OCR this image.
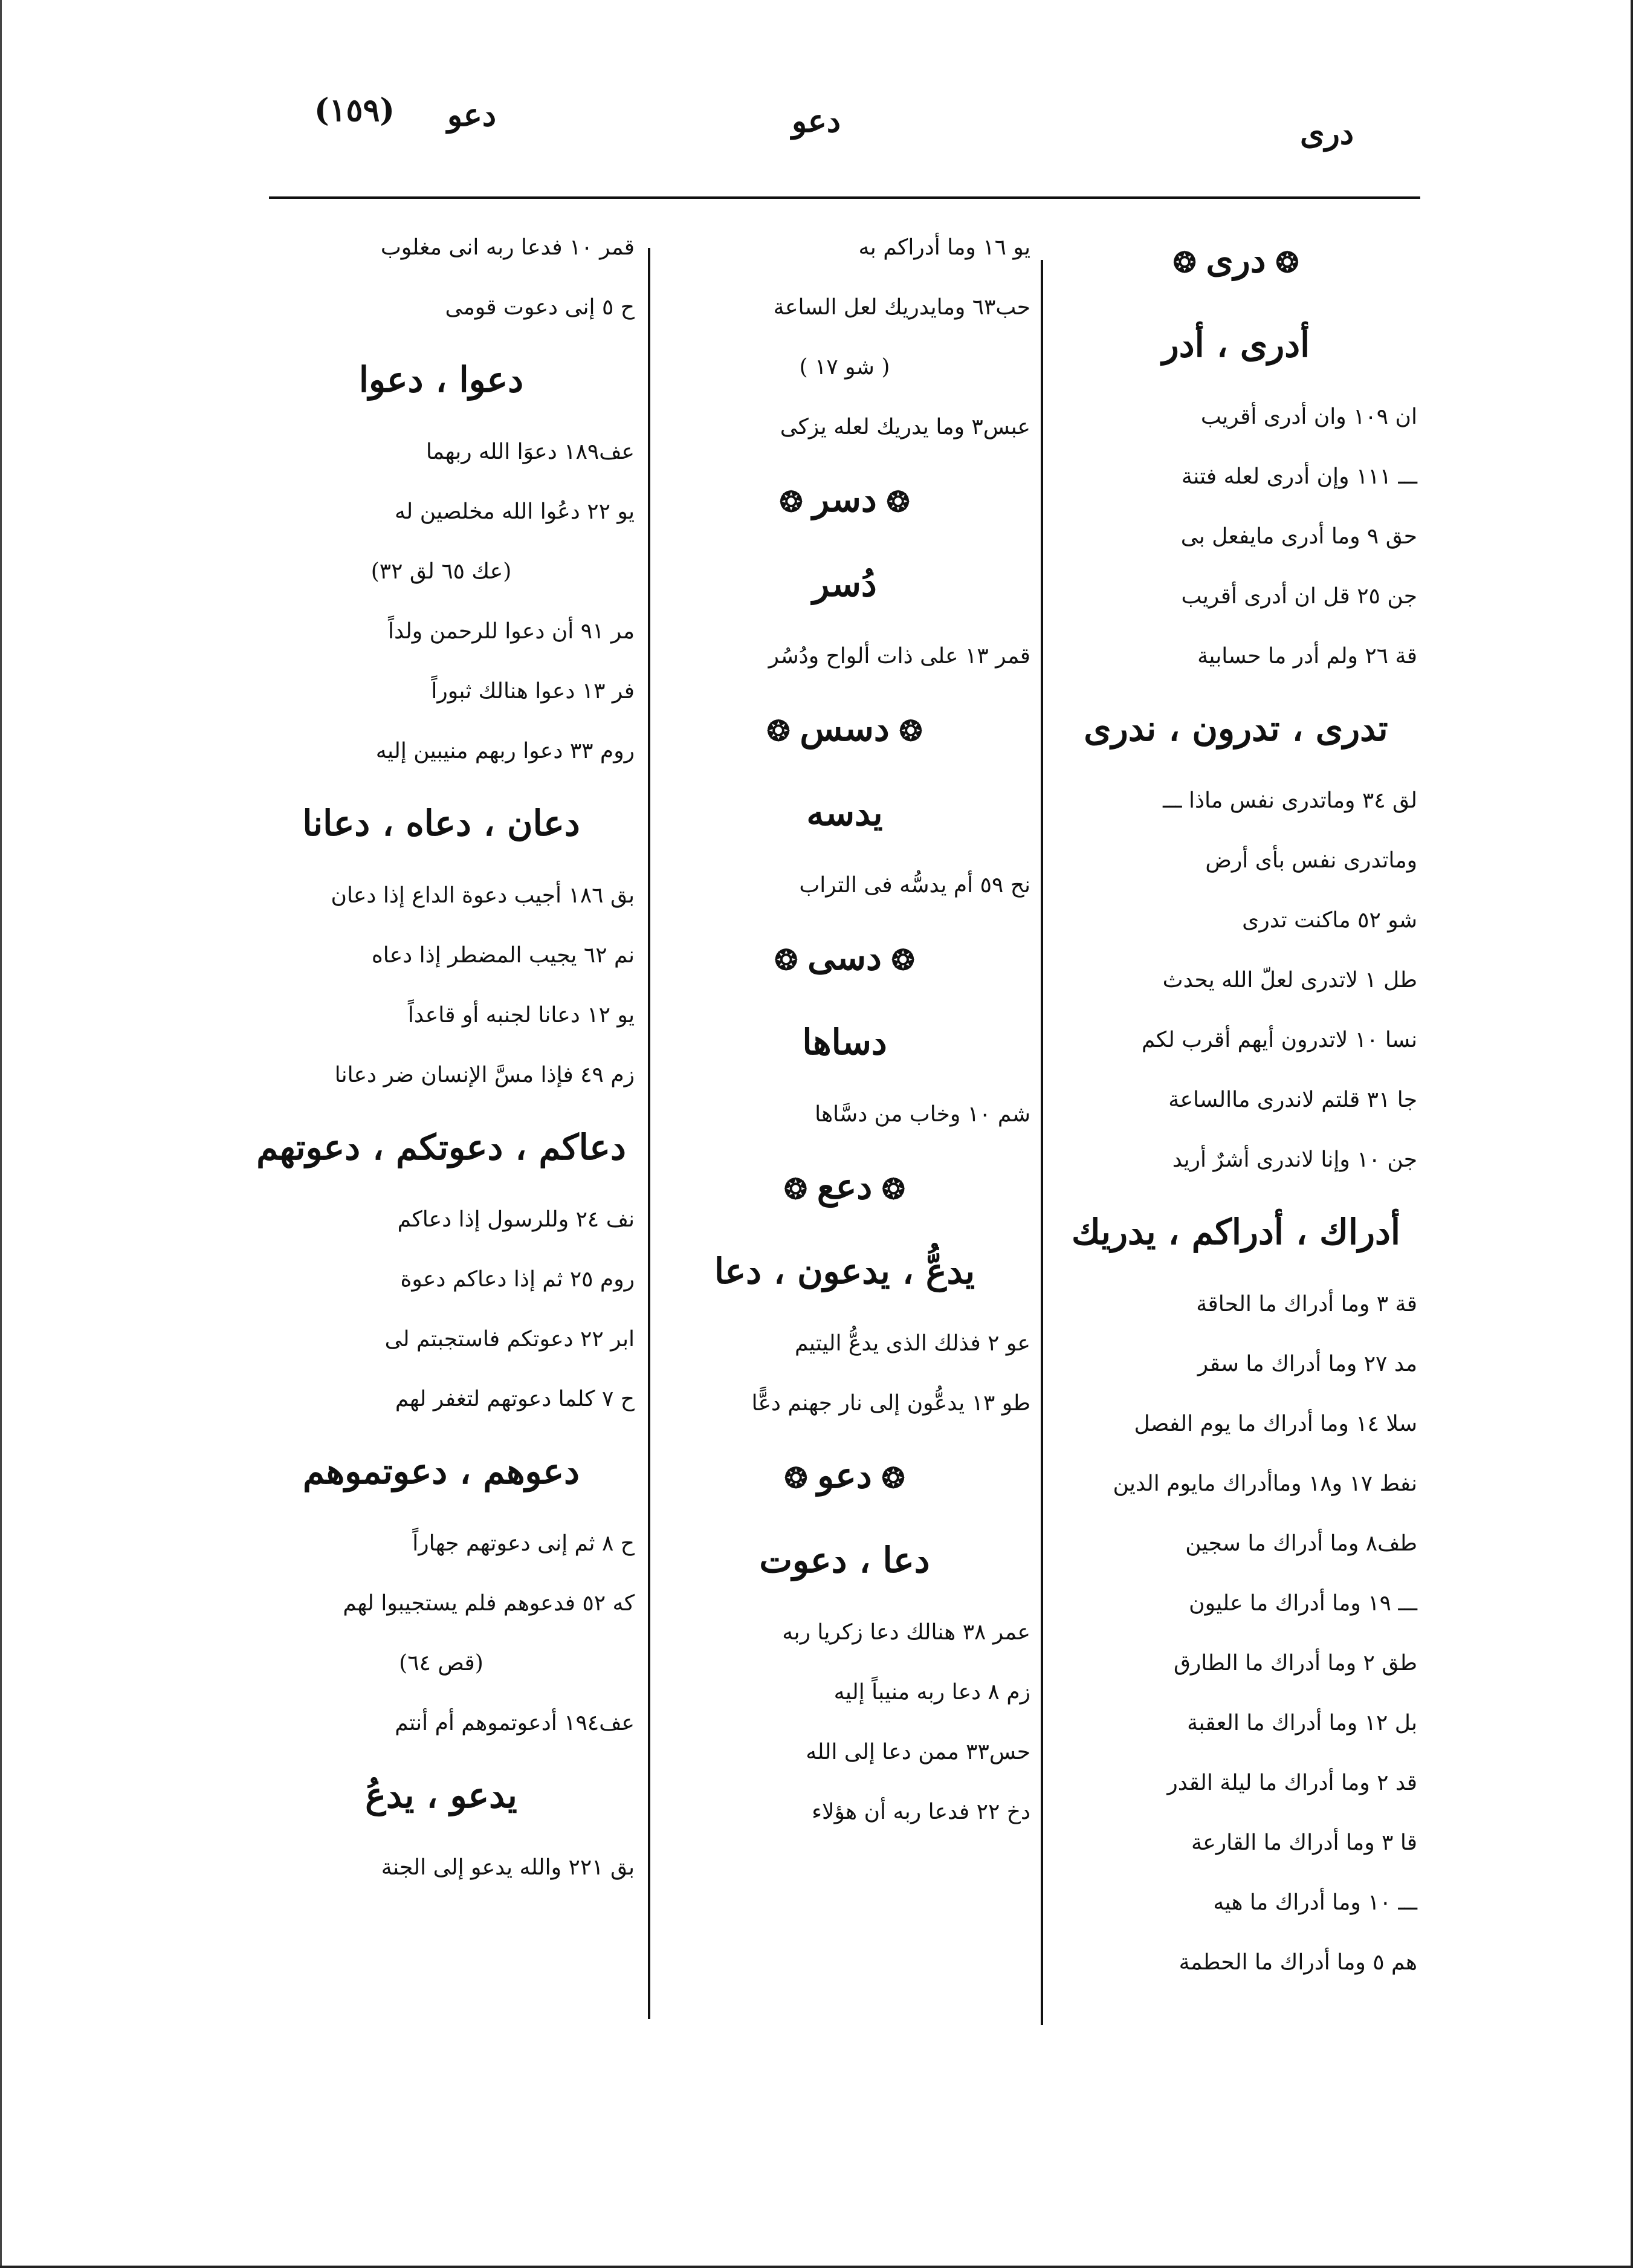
(١٥٩) دعو	دعو	درى
❂ درى ❂
أدرى ، أدر
ان ١٠٩ وان أدرى أقريب
ـــ ١١١ وإن أدرى لعله فتنة
حق ٩ وما أدرى مايفعل بى
جن ٢٥ قل ان أدرى أقريب
قة ٢٦ ولم أدر ما حسابية
تدرى ، تدرون ، ندرى
لق ٣٤ وماتدرى نفس ماذا ـــ
وماتدرى نفس بأى أرض
شو ٥٢ ماكنت تدرى
طل ١ لاتدرى لعلّ الله يحدث
نسا ١٠ لاتدرون أيهم أقرب لكم
جا ٣١ قلتم لاندرى ماالساعة
جن ١٠ وإنا لاندرى أشرٌ أريد
أدراك ، أدراكم ، يدريك
قة ٣ وما أدراك ما الحاقة
مد ٢٧ وما أدراك ما سقر
سلا ١٤ وما أدراك ما يوم الفصل
نفط ١٧ و١٨ وماأدراك مايوم الدين
طف٨ وما أدراك ما سجين
ـــ ١٩ وما أدراك ما عليون
طق ٢ وما أدراك ما الطارق
بل ١٢ وما أدراك ما العقبة
قد ٢ وما أدراك ما ليلة القدر
قا ٣ وما أدراك ما القارعة
ـــ ١٠ وما أدراك ما هيه
هم ٥ وما أدراك ما الحطمة
يو ١٦ وما أدراكم به
حب٦٣ ومايدريك لعل الساعة
( شو ١٧ )
عبس٣ وما يدريك لعله يزكى
❂ دسر ❂
دُسر
قمر ١٣ على ذات ألواح ودُسُر
❂ دسس ❂
يدسه
نح ٥٩ أم يدسُّه فى التراب
❂ دسى ❂
دساها
شم ١٠ وخاب من دسَّاها
❂ دعع ❂
يدعُّ ، يدعون ، دعا
عو ٢ فذلك الذى يدعُّ اليتيم
طو ١٣ يدعُّون إلى نار جهنم دعًّا
❂ دعو ❂
دعا ، دعوت
عمر ٣٨ هنالك دعا زكريا ربه
زم ٨ دعا ربه منيباً إليه
حس٣٣ ممن دعا إلى الله
دخ ٢٢ فدعا ربه أن هؤلاء
قمر ١٠ فدعا ربه انى مغلوب
ح ٥ إنى دعوت قومى
دعوا ، دعوا
عف١٨٩ دعوَا الله ربهما
يو ٢٢ دعُوا الله مخلصين له
(عك ٦٥ لق ٣٢)
مر ٩١ أن دعوا للرحمن ولداً
فر ١٣ دعوا هنالك ثبوراً
روم ٣٣ دعوا ربهم منيبين إليه
دعان ، دعاه ، دعانا
بق ١٨٦ أجيب دعوة الداع إذا دعان
نم ٦٢ يجيب المضطر إذا دعاه
يو ١٢ دعانا لجنبه أو قاعداً
زم ٤٩ فإذا مسَّ الإنسان ضر دعانا
دعاكم ، دعوتكم ، دعوتهم
نف ٢٤ وللرسول إذا دعاكم
روم ٢٥ ثم إذا دعاكم دعوة
ابر ٢٢ دعوتكم فاستجبتم لى
ح ٧ كلما دعوتهم لتغفر لهم
دعوهم ، دعوتموهم
ح ٨ ثم إنى دعوتهم جهاراً
كه ٥٢ فدعوهم فلم يستجيبوا لهم
(قص ٦٤)
عف١٩٤ أدعوتموهم أم أنتم
يدعو ، يدعُ
بق ٢٢١ والله يدعو إلى الجنة
